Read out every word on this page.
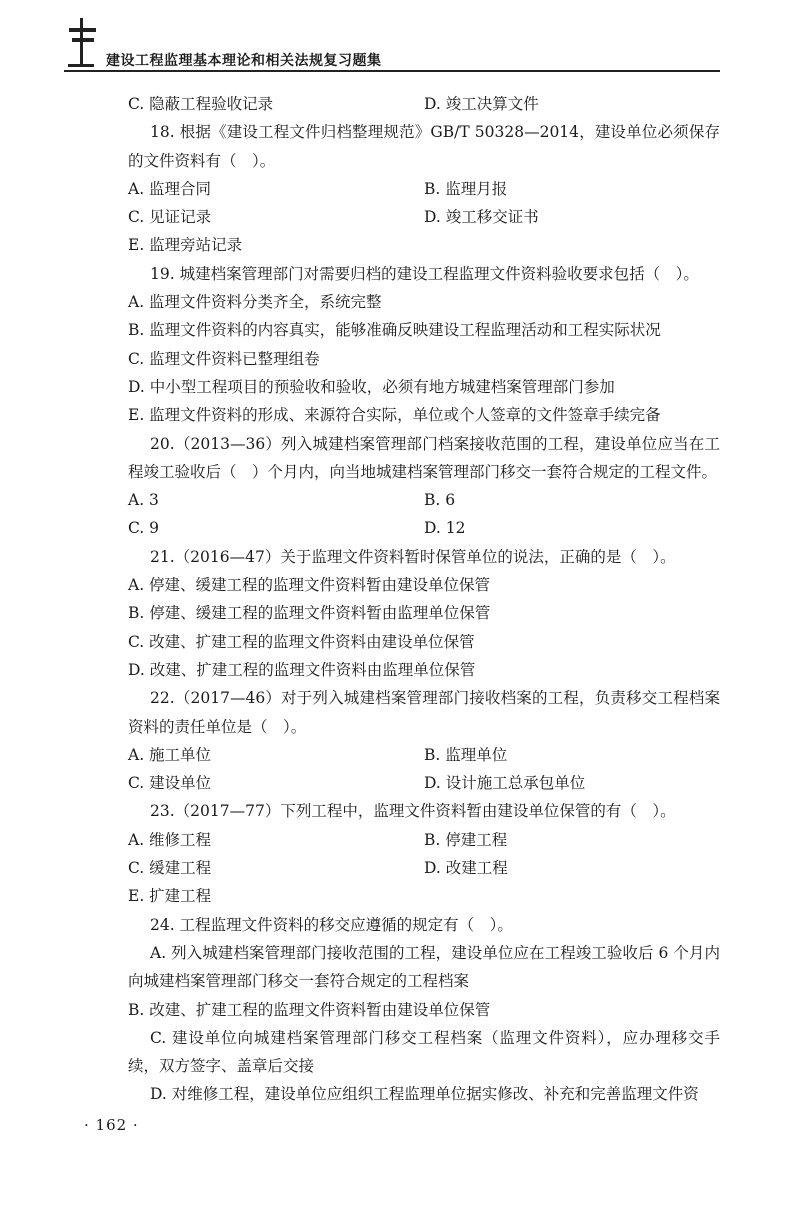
建设工程监理基本理论和相关法规复习题集
C. 隐蔽工程验收记录	D. 竣工决算文件
18. 根据《建设工程文件归档整理规范》GB/T 50328—2014，建设单位必须保存的文件资料有（　）。
A. 监理合同	B. 监理月报
C. 见证记录	D. 竣工移交证书
E. 监理旁站记录
19. 城建档案管理部门对需要归档的建设工程监理文件资料验收要求包括（　）。
A. 监理文件资料分类齐全，系统完整
B. 监理文件资料的内容真实，能够准确反映建设工程监理活动和工程实际状况
C. 监理文件资料已整理组卷
D. 中小型工程项目的预验收和验收，必须有地方城建档案管理部门参加
E. 监理文件资料的形成、来源符合实际，单位或个人签章的文件签章手续完备
20.（2013—36）列入城建档案管理部门档案接收范围的工程，建设单位应当在工程竣工验收后（　）个月内，向当地城建档案管理部门移交一套符合规定的工程文件。
A. 3	B. 6
C. 9	D. 12
21.（2016—47）关于监理文件资料暂时保管单位的说法，正确的是（　）。
A. 停建、缓建工程的监理文件资料暂由建设单位保管
B. 停建、缓建工程的监理文件资料暂由监理单位保管
C. 改建、扩建工程的监理文件资料由建设单位保管
D. 改建、扩建工程的监理文件资料由监理单位保管
22.（2017—46）对于列入城建档案管理部门接收档案的工程，负责移交工程档案资料的责任单位是（　）。
A. 施工单位	B. 监理单位
C. 建设单位	D. 设计施工总承包单位
23.（2017—77）下列工程中，监理文件资料暂由建设单位保管的有（　）。
A. 维修工程	B. 停建工程
C. 缓建工程	D. 改建工程
E. 扩建工程
24. 工程监理文件资料的移交应遵循的规定有（　）。
A. 列入城建档案管理部门接收范围的工程，建设单位应在工程竣工验收后 6 个月内向城建档案管理部门移交一套符合规定的工程档案
B. 改建、扩建工程的监理文件资料暂由建设单位保管
C. 建设单位向城建档案管理部门移交工程档案（监理文件资料），应办理移交手续，双方签字、盖章后交接
D. 对维修工程，建设单位应组织工程监理单位据实修改、补充和完善监理文件资
· 162 ·
